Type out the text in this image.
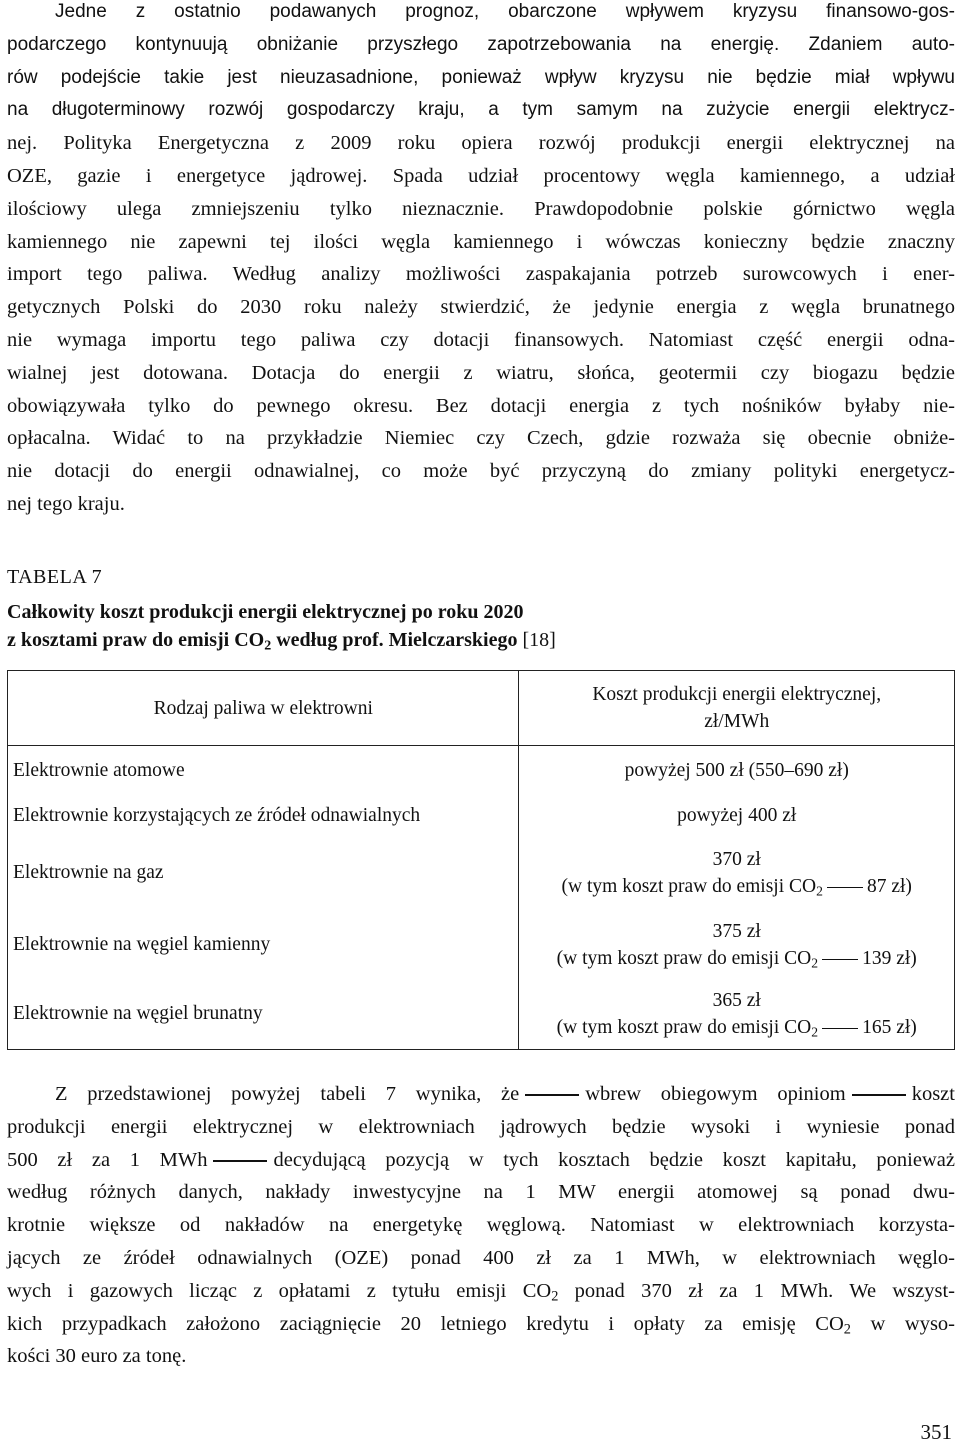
Jedne z ostatnio podawanych prognoz, obarczone wpływem kryzysu finansowo-gos-
podarczego kontynuują obniżanie przyszłego zapotrzebowania na energię. Zdaniem auto-
rów podejście takie jest nieuzasadnione, ponieważ wpływ kryzysu nie będzie miał wpływu
na długoterminowy rozwój gospodarczy kraju, a tym samym na zużycie energii elektrycz-
nej. Polityka Energetyczna z 2009 roku opiera rozwój produkcji energii elektrycznej na
OZE, gazie i energetyce jądrowej. Spada udział procentowy węgla kamiennego, a udział
ilościowy ulega zmniejszeniu tylko nieznacznie. Prawdopodobnie polskie górnictwo węgla
kamiennego nie zapewni tej ilości węgla kamiennego i wówczas konieczny będzie znaczny
import tego paliwa. Według analizy możliwości zaspakajania potrzeb surowcowych i ener-
getycznych Polski do 2030 roku należy stwierdzić, że jedynie energia z węgla brunatnego
nie wymaga importu tego paliwa czy dotacji finansowych. Natomiast część energii odna-
wialnej jest dotowana. Dotacja do energii z wiatru, słońca, geotermii czy biogazu będzie
obowiązywała tylko do pewnego okresu. Bez dotacji energia z tych nośników byłaby nie-
opłacalna. Widać to na przykładzie Niemiec czy Czech, gdzie rozważa się obecnie obniże-
nie dotacji do energii odnawialnej, co może być przyczyną do zmiany polityki energetycz-
nej tego kraju.
TABELA 7
Całkowity koszt produkcji energii elektrycznej po roku 2020
z kosztami praw do emisji $CO_2$ według prof. Mielczarskiego [18]
Rodzaj paliwa w elektrowni	Koszt produkcji energii elektrycznej,
zł/MWh

Elektrownie atomowe	powyżej 500 zł (550–690 zł)
Elektrownie korzystających ze źródeł odnawialnych	powyżej 400 zł
Elektrownie na gaz	370 zł
(w tym koszt praw do emisji $CO_2$ 87 zł)

Elektrownie na węgiel kamienny	375 zł
(w tym koszt praw do emisji $CO_2$ 139 zł)

Elektrownie na węgiel brunatny	365 zł
(w tym koszt praw do emisji $CO_2$ 165 zł)
Z przedstawionej powyżej tabeli 7 wynika, że	wbrew obiegowym opiniom	koszt
produkcji energii elektrycznej w elektrowniach jądrowych będzie wysoki i wyniesie ponad
500 zł za 1 MWh	decydującą pozycją w tych kosztach będzie koszt kapitału, ponieważ
według różnych danych, nakłady inwestycyjne na 1 MW energii atomowej są ponad dwu-
krotnie większe od nakładów na energetykę węglową. Natomiast w elektrowniach korzysta-
jących ze źródeł odnawialnych (OZE) ponad 400 zł za 1 MWh, w elektrowniach węglo-
wych i gazowych licząc z opłatami z tytułu emisji $CO_2$ ponad 370 zł za 1 MWh. We wszyst-
kich przypadkach założono zaciągnięcie 20 letniego kredytu i opłaty za emisję $CO_2$ w wyso-
kości 30 euro za tonę.
351
